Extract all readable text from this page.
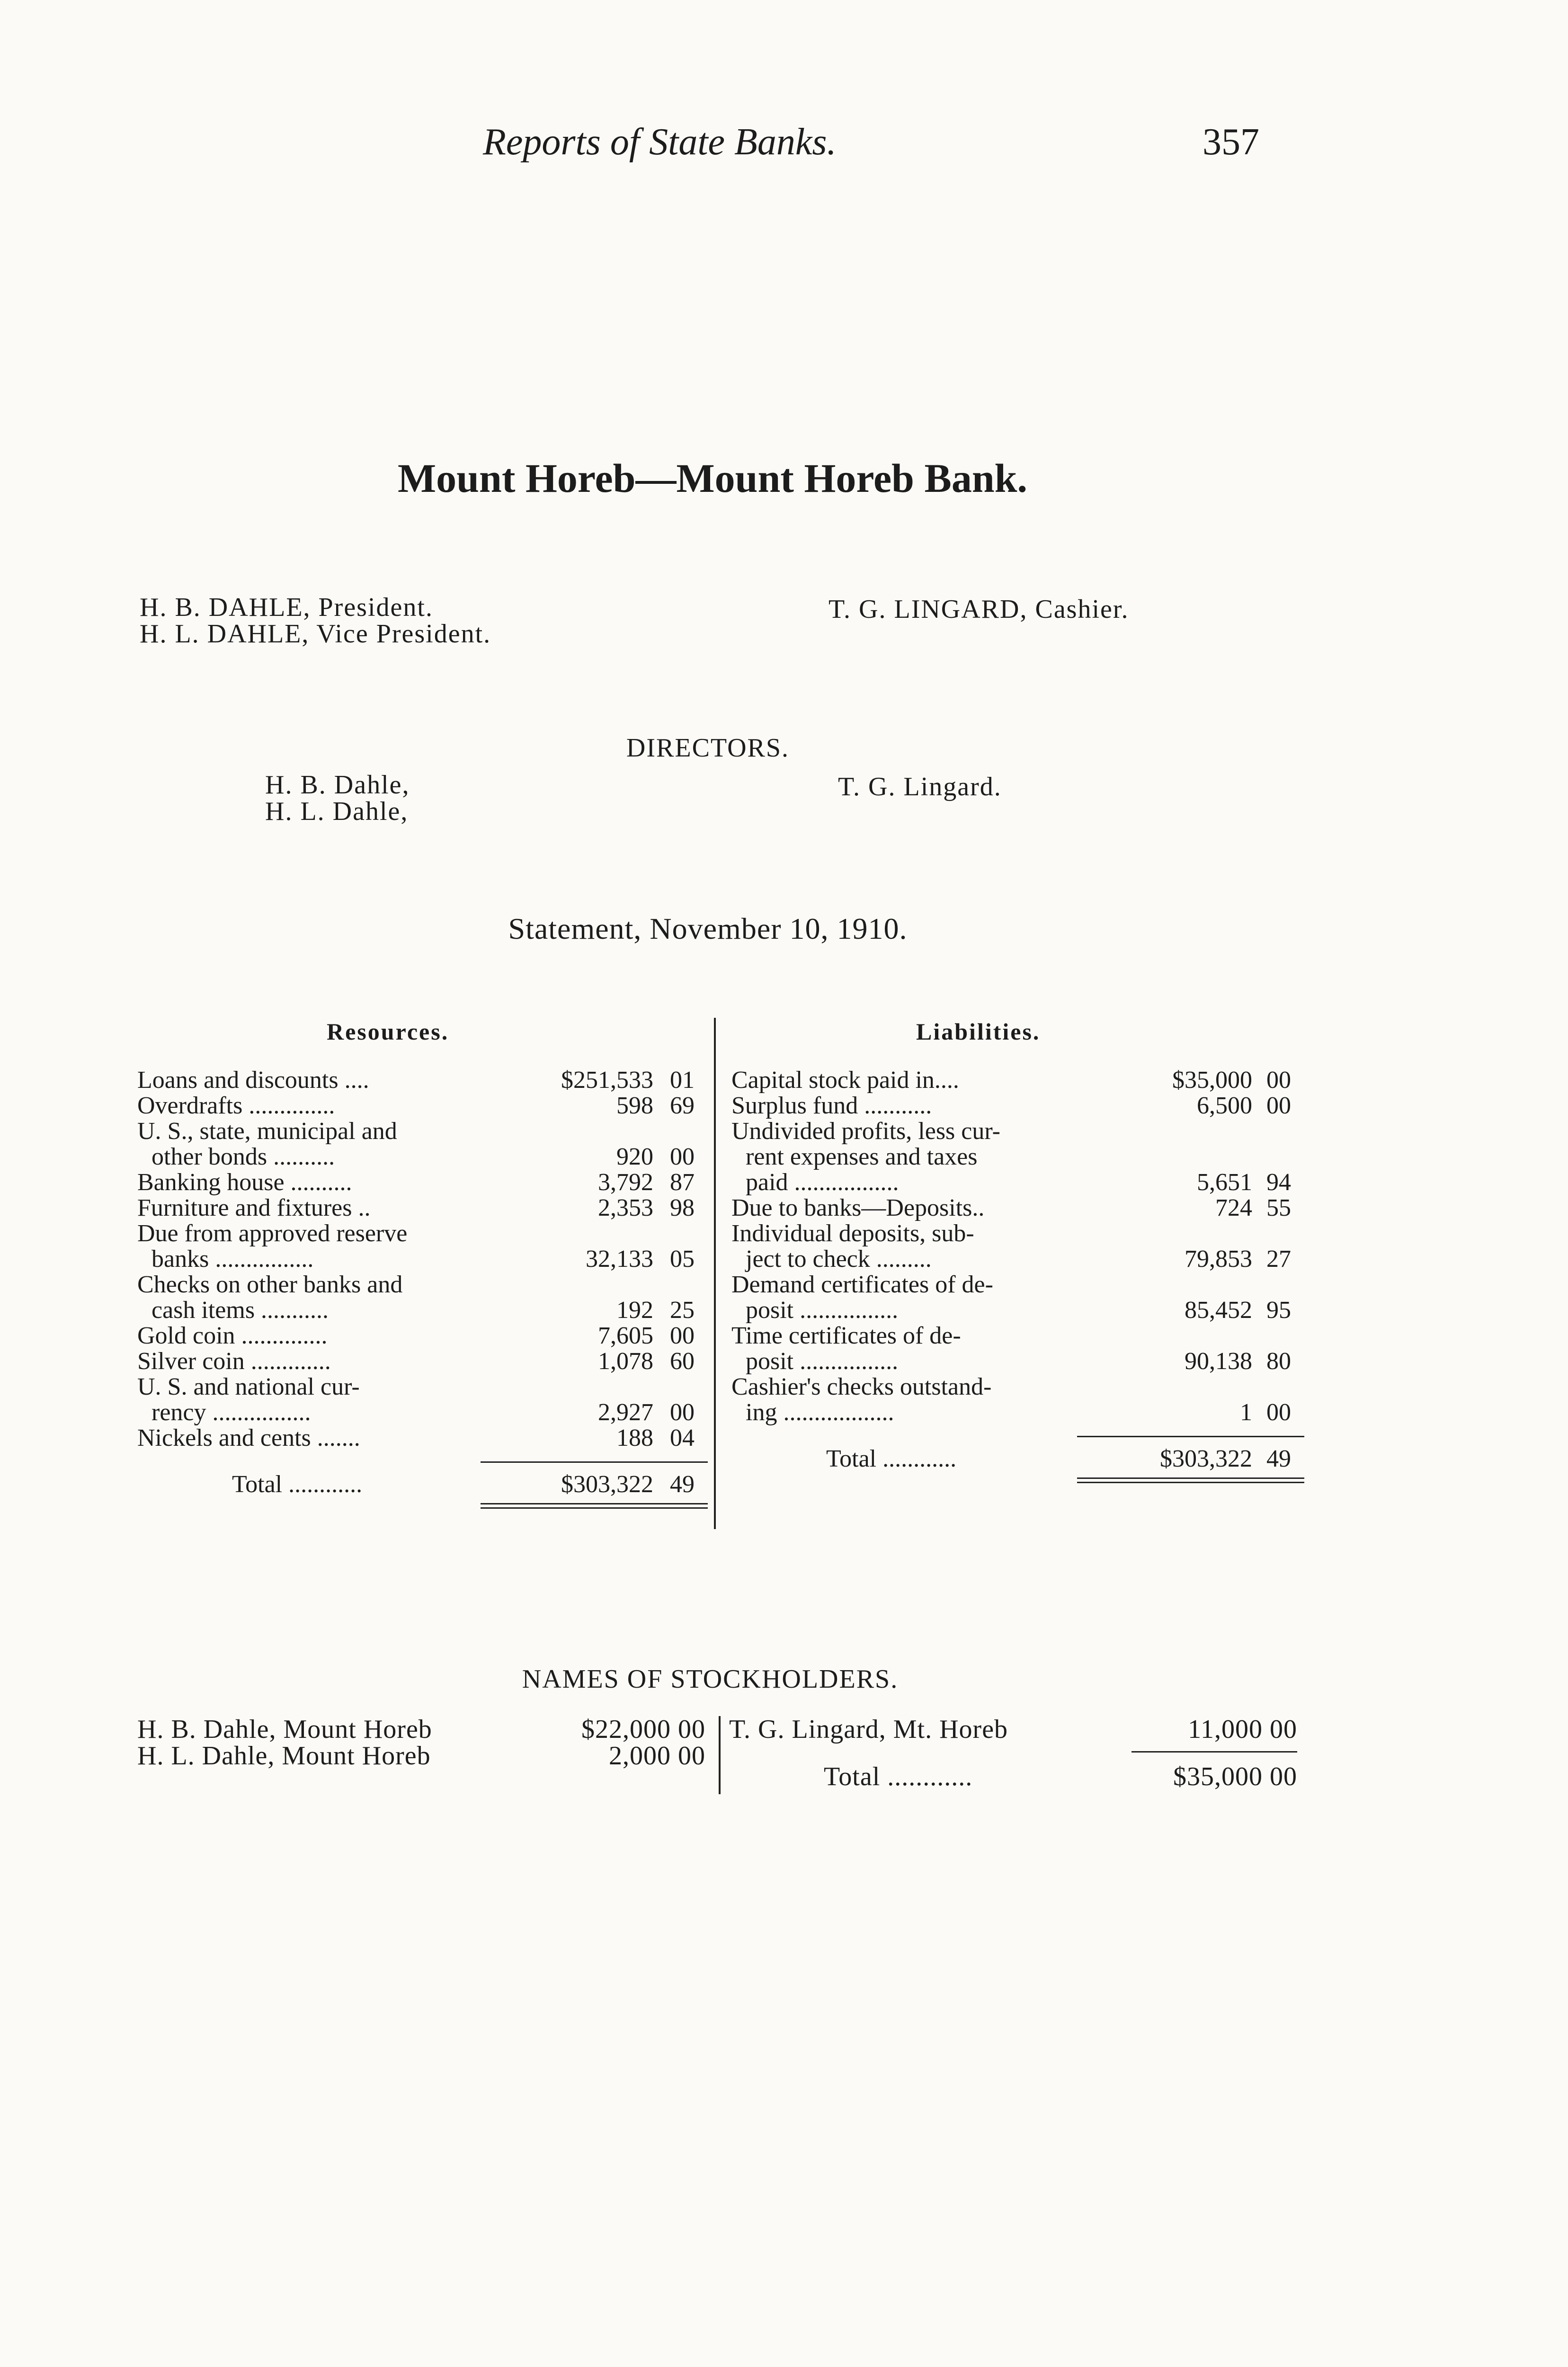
Reports of State Banks.	357
Mount Horeb—Mount Horeb Bank.
H. B. DAHLE, President.
H. L. DAHLE, Vice President.
T. G. LINGARD, Cashier.
DIRECTORS.
H. B. Dahle,
H. L. Dahle,
T. G. Lingard.
Statement, November 10, 1910.
Resources.	Liabilities.
Loans and discounts ....	$251,533 01
Overdrafts ..............	598 69
U. S., state, municipal and
other bonds ..........	920 00
Banking house ..........	3,792 87
Furniture and fixtures ..	2,353 98
Due from approved reserve
banks ................	32,133 05
Checks on other banks and
cash items ...........	192 25
Gold coin ..............	7,605 00
Silver coin .............	1,078 60
U. S. and national cur-
rency ................	2,927 00
Nickels and cents .......	188 04
Total ............	$303,322 49
Capital stock paid in....	$35,000 00
Surplus fund ...........	6,500 00
Undivided profits, less cur-
rent expenses and taxes
paid .................	5,651 94
Due to banks—Deposits..	724 55
Individual deposits, sub-
ject to check .........	79,853 27
Demand certificates of de-
posit ................	85,452 95
Time certificates of de-
posit ................	90,138 80
Cashier's checks outstand-
ing ..................	1 00
Total ............	$303,322 49
NAMES OF STOCKHOLDERS.
H. B. Dahle, Mount Horeb	$22,000 00
H. L. Dahle, Mount Horeb	2,000 00
T. G. Lingard, Mt. Horeb	11,000 00
Total ............	$35,000 00
